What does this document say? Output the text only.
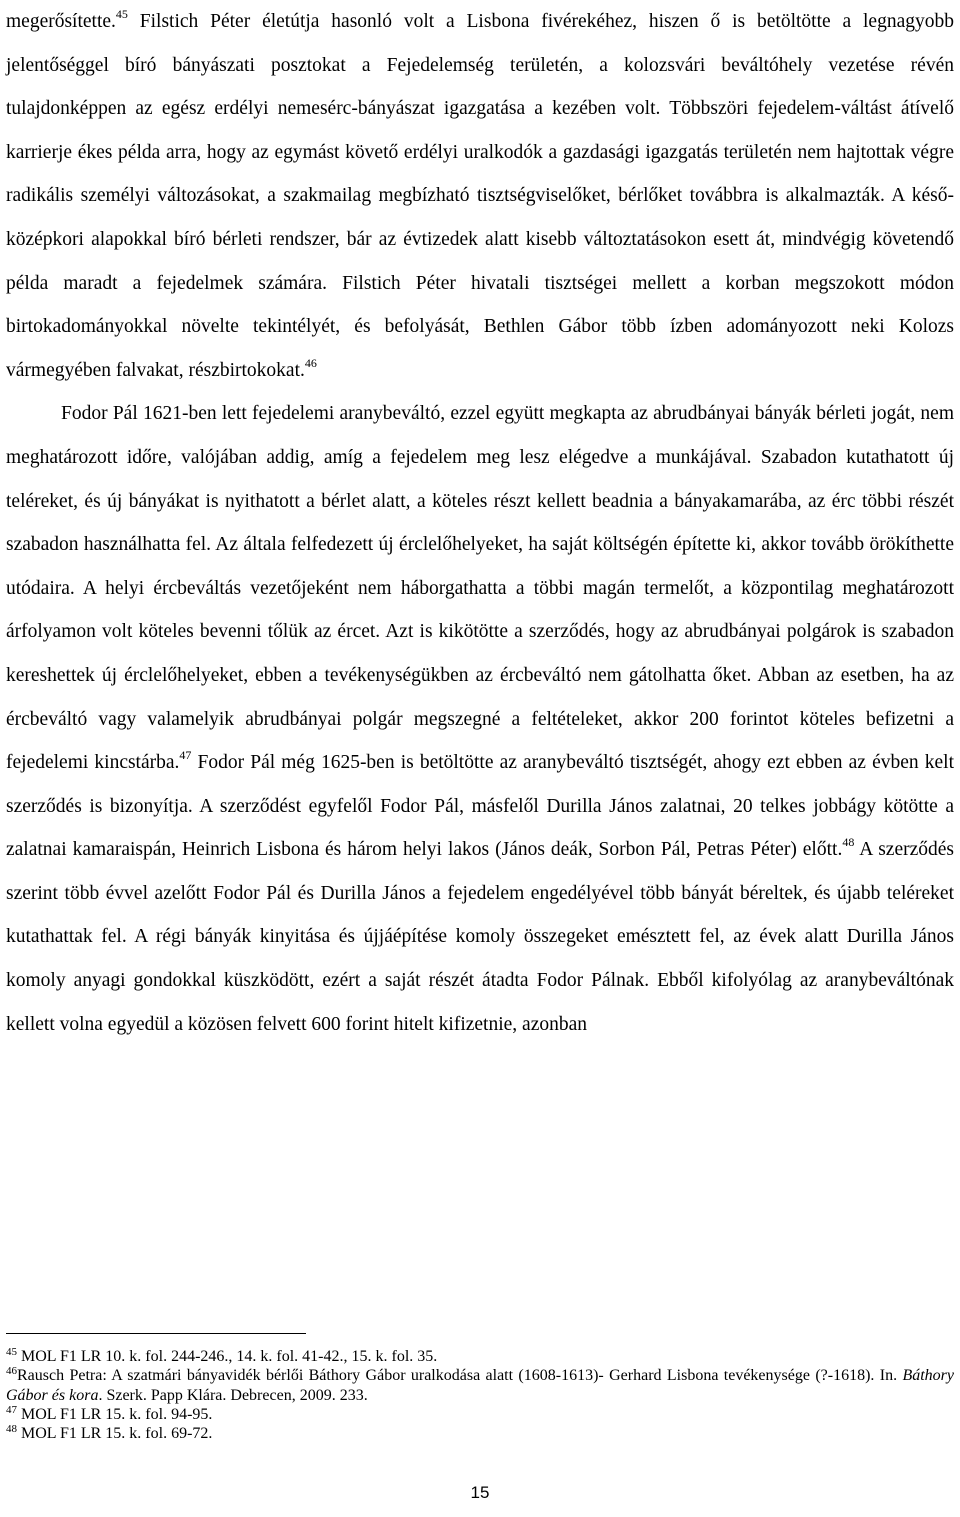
megerősítette.$^{45}$ Filstich Péter életútja hasonló volt a Lisbona fivérekéhez, hiszen ő is betöltötte a legnagyobb jelentőséggel bíró bányászati posztokat a Fejedelemség területén, a kolozsvári beváltóhely vezetése révén tulajdonképpen az egész erdélyi nemesérc-bányászat igazgatása a kezében volt. Többszöri fejedelem-váltást átívelő karrierje ékes példa arra, hogy az egymást követő erdélyi uralkodók a gazdasági igazgatás területén nem hajtottak végre radikális személyi változásokat, a szakmailag megbízható tisztségviselőket, bérlőket továbbra is alkalmazták. A késő-középkori alapokkal bíró bérleti rendszer, bár az évtizedek alatt kisebb változtatásokon esett át, mindvégig követendő példa maradt a fejedelmek számára. Filstich Péter hivatali tisztségei mellett a korban megszokott módon birtokadományokkal növelte tekintélyét, és befolyását, Bethlen Gábor több ízben adományozott neki Kolozs vármegyében falvakat, részbirtokokat.$^{46}$

Fodor Pál 1621-ben lett fejedelemi aranybeváltó, ezzel együtt megkapta az abrudbányai bányák bérleti jogát, nem meghatározott időre, valójában addig, amíg a fejedelem meg lesz elégedve a munkájával. Szabadon kutathatott új teléreket, és új bányákat is nyithatott a bérlet alatt, a köteles részt kellett beadnia a bányakamarába, az érc többi részét szabadon használhatta fel. Az általa felfedezett új érclelőhelyeket, ha saját költségén építette ki, akkor tovább örökíthette utódaira. A helyi ércbeváltás vezetőjeként nem háborgathatta a többi magán termelőt, a központilag meghatározott árfolyamon volt köteles bevenni tőlük az ércet. Azt is kikötötte a szerződés, hogy az abrudbányai polgárok is szabadon kereshettek új érclelőhelyeket, ebben a tevékenységükben az ércbeváltó nem gátolhatta őket. Abban az esetben, ha az ércbeváltó vagy valamelyik abrudbányai polgár megszegné a feltételeket, akkor 200 forintot köteles befizetni a fejedelemi kincstárba.$^{47}$ Fodor Pál még 1625-ben is betöltötte az aranybeváltó tisztségét, ahogy ezt ebben az évben kelt szerződés is bizonyítja. A szerződést egyfelől Fodor Pál, másfelől Durilla János zalatnai, 20 telkes jobbágy kötötte a zalatnai kamaraispán, Heinrich Lisbona és három helyi lakos (János deák, Sorbon Pál, Petras Péter) előtt.$^{48}$ A szerződés szerint több évvel azelőtt Fodor Pál és Durilla János a fejedelem engedélyével több bányát béreltek, és újabb teléreket kutathattak fel. A régi bányák kinyitása és újjáépítése komoly összegeket emésztett fel, az évek alatt Durilla János komoly anyagi gondokkal küszködött, ezért a saját részét átadta Fodor Pálnak. Ebből kifolyólag az aranybeváltónak kellett volna egyedül a közösen felvett 600 forint hitelt kifizetnie, azonban

$^{45}$ MOL F1 LR 10. k. fol. 244-246., 14. k. fol. 41-42., 15. k. fol. 35.

$^{46}$Rausch Petra: A szatmári bányavidék bérlői Báthory Gábor uralkodása alatt (1608-1613)- Gerhard Lisbona tevékenysége (?-1618). In. Báthory Gábor és kora. Szerk. Papp Klára. Debrecen, 2009. 233.

$^{47}$ MOL F1 LR 15. k. fol. 94-95.

$^{48}$ MOL F1 LR 15. k. fol. 69-72.

15
